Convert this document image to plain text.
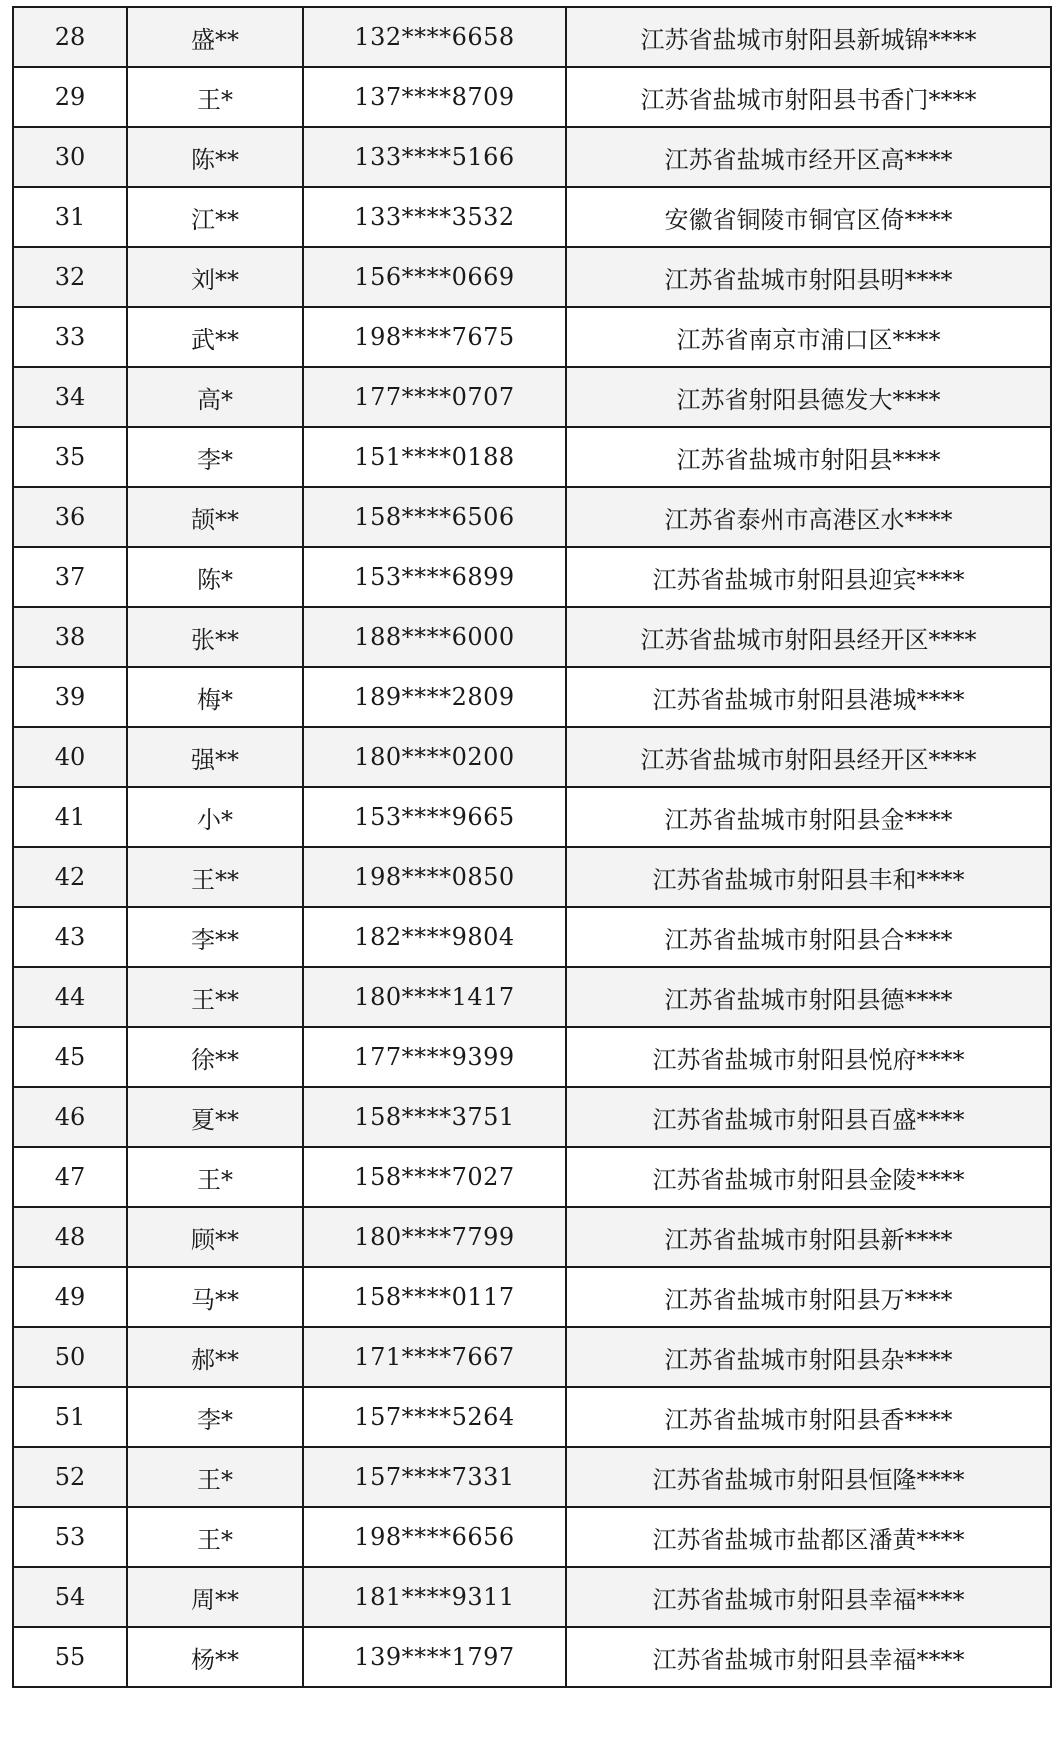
28	盛**	132****6658	江苏省盐城市射阳县新城锦****
29	王*	137****8709	江苏省盐城市射阳县书香门****
30	陈**	133****5166	江苏省盐城市经开区高****
31	江**	133****3532	安徽省铜陵市铜官区倚****
32	刘**	156****0669	江苏省盐城市射阳县明****
33	武**	198****7675	江苏省南京市浦口区****
34	高*	177****0707	江苏省射阳县德发大****
35	李*	151****0188	江苏省盐城市射阳县****
36	颉**	158****6506	江苏省泰州市高港区水****
37	陈*	153****6899	江苏省盐城市射阳县迎宾****
38	张**	188****6000	江苏省盐城市射阳县经开区****
39	梅*	189****2809	江苏省盐城市射阳县港城****
40	强**	180****0200	江苏省盐城市射阳县经开区****
41	小*	153****9665	江苏省盐城市射阳县金****
42	王**	198****0850	江苏省盐城市射阳县丰和****
43	李**	182****9804	江苏省盐城市射阳县合****
44	王**	180****1417	江苏省盐城市射阳县德****
45	徐**	177****9399	江苏省盐城市射阳县悦府****
46	夏**	158****3751	江苏省盐城市射阳县百盛****
47	王*	158****7027	江苏省盐城市射阳县金陵****
48	顾**	180****7799	江苏省盐城市射阳县新****
49	马**	158****0117	江苏省盐城市射阳县万****
50	郝**	171****7667	江苏省盐城市射阳县杂****
51	李*	157****5264	江苏省盐城市射阳县香****
52	王*	157****7331	江苏省盐城市射阳县恒隆****
53	王*	198****6656	江苏省盐城市盐都区潘黄****
54	周**	181****9311	江苏省盐城市射阳县幸福****
55	杨**	139****1797	江苏省盐城市射阳县幸福****
